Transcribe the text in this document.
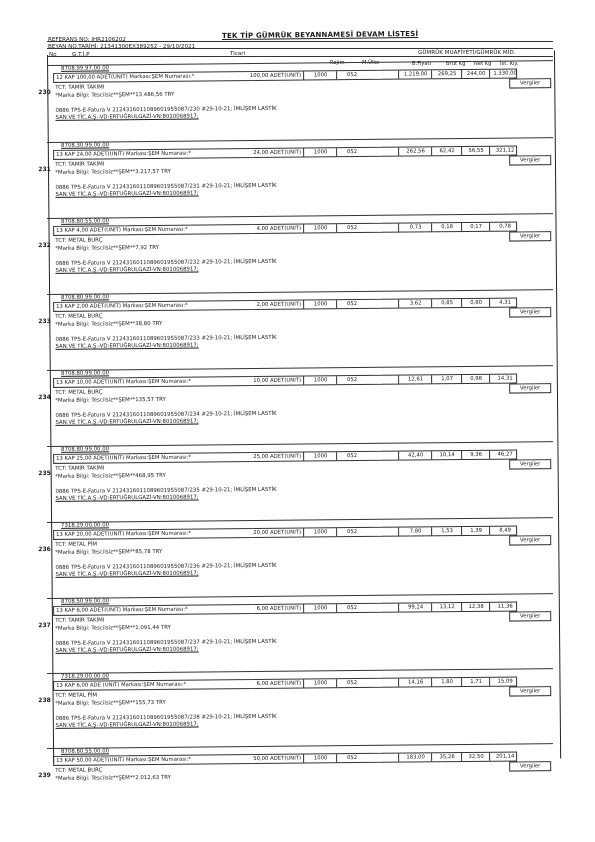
TEK TİP GÜMRÜK BEYANNAMESİ DEVAM LİSTESİ
REFERANS NO: IHR2106202
BEYAN NO.TARİHİ: 21341300EX389252 - 29/10/2021
No	G.T.İ.P	Ticari	GÜMRÜK MUAFİYETİ/GÜMRÜK MİD.
Rejim	M.Ülke	B.Fiyatı	Brüt Kg Net Kg İst. Kıy.
8708.99.97.00.00
12 KAP 100,00 ADET(UNIT) Markası:ŞEM Numarası:*	100,00 ADET(UNIT)	1000	052	1.219,00	269,25	244,00	1.330,00
Vergiler
230
TCT: TAMİR TAKIMI
*Marka Bilgi: Tescilsiz**ŞEM**13.486,56 TRY
0886 TPS-E-Fatura V 2124316011089601955087/230 #29-10-21; İMLİŞEM LASTİK
SAN.VE TİC.A.Ş.-VD:ERTUĞRULGAZİ-VN:8010068917;
8708.30.99.00.00
13 KAP 24,00 ADET(UNIT) Markası:ŞEM Numarası:*	24,00 ADET(UNIT)	1000	052	262,56	62,42	56,55	321,12
Vergiler
231
TCT: TAMİR TAKIMI
*Marka Bilgi: Tescilsiz**ŞEM**3.217,57 TRY
0886 TPS-E-Fatura V 2124316011089601955087/231 #29-10-21; İMLİŞEM LASTİK
SAN.VE TİC.A.Ş.-VD:ERTUĞRULGAZİ-VN:8010068917;
8708.80.55.00.00
13 KAP 4,00 ADET(UNIT) Markası:ŞEM Numarası:*	4,00 ADET(UNIT)	1000	052	0,73	0,18	0,17	0,78
Vergiler
232
TCT: METAL BURÇ
*Marka Bilgi: Tescilsiz**ŞEM**7,92 TRY
0886 TPS-E-Fatura V 2124316011089601955087/232 #29-10-21; İMLİŞEM LASTİK
SAN.VE TİC.A.Ş.-VD:ERTUĞRULGAZİ-VN:8010068917;
8708.80.99.00.00
13 KAP 2,00 ADET(UNIT) Markası:ŞEM Numarası:*	2,00 ADET(UNIT)	1000	052	3,62	0,85	0,80	4,31
Vergiler
233
TCT: METAL BURÇ
*Marka Bilgi: Tescilsiz**ŞEM**38,80 TRY
0886 TPS-E-Fatura V 2124316011089601955087/233 #29-10-21; İMLİŞEM LASTİK
SAN.VE TİC.A.Ş.-VD:ERTUĞRULGAZİ-VN:8010068917;
8708.80.99.00.00
13 KAP 10,00 ADET(UNIT) Markası:ŞEM Numarası:*	10,00 ADET(UNIT)	1000	052	12,61	1,07	0,98	14,31
Vergiler
234
TCT: METAL BURÇ
*Marka Bilgi: Tescilsiz**ŞEM**135,57 TRY
0886 TPS-E-Fatura V 2124316011089601955087/234 #29-10-21; İMLİŞEM LASTİK
SAN.VE TİC.A.Ş.-VD:ERTUĞRULGAZİ-VN:8010068917;
8708.80.99.00.00
13 KAP 25,00 ADET(UNIT) Markası:ŞEM Numarası:*	25,00 ADET(UNIT)	1000	052	42,40	10,14	9,36	46,27
Vergiler
235
TCT: TAMİR TAKIMI
*Marka Bilgi: Tescilsiz**ŞEM**468,95 TRY
0886 TPS-E-Fatura V 2124316011089601955087/235 #29-10-21; İMLİŞEM LASTİK
SAN.VE TİC.A.Ş.-VD:ERTUĞRULGAZİ-VN:8010068917;
7318.29.00.00.00
13 KAP 20,00 ADET(UNIT) Markası:ŞEM Numarası:*	20,00 ADET(UNIT)	1000	052	7,80	1,53	1,39	8,49
Vergiler
236
TCT: METAL PİM
*Marka Bilgi: Tescilsiz**ŞEM**85,78 TRY
0886 TPS-E-Fatura V 2124316011089601955087/236 #29-10-21; İMLİŞEM LASTİK
SAN.VE TİC.A.Ş.-VD:ERTUĞRULGAZİ-VN:8010068917;
8708.50.99.00.00
13 KAP 6,00 ADET(UNIT) Markası:ŞEM Numarası:*	6,00 ADET(UNIT)	1000	052	99,24	13,12	12,38	11,36
Vergiler
237
TCT: TAMİR TAKIMI
*Marka Bilgi: Tescilsiz**ŞEM**1.091,44 TRY
0886 TPS-E-Fatura V 2124316011089601955087/237 #29-10-21; İMLİŞEM LASTİK
SAN.VE TİC.A.Ş.-VD:ERTUĞRULGAZİ-VN:8010068917;
7318.29.00.00.00
13 KAP 6,00 ADE (UNIT) Markası:ŞEM Numarası:*	6,00 ADET(UNIT)	1000	052	14,16	1,80	1,71	15,09
Vergiler
238
TCT: METAL PİM
*Marka Bilgi: Tescilsiz**ŞEM**155,73 TRY
0886 TPS-E-Fatura V 2124316011089601955087/238 #29-10-21; İMLİŞEM LASTİK
SAN.VE TİC.A.Ş.-VD:ERTUĞRULGAZİ-VN:8010068917;
8708.80.55.00.00
13 KAP 50,00 ADET(UNIT) Markası:ŞEM Numarası:*	50,00 ADET(UNIT)	1000	052	183,00	35,26	32,50	201,14
Vergiler
239
TCT: METAL BURÇ
*Marka Bilgi: Tescilsiz**ŞEM**2.012,63 TRY
